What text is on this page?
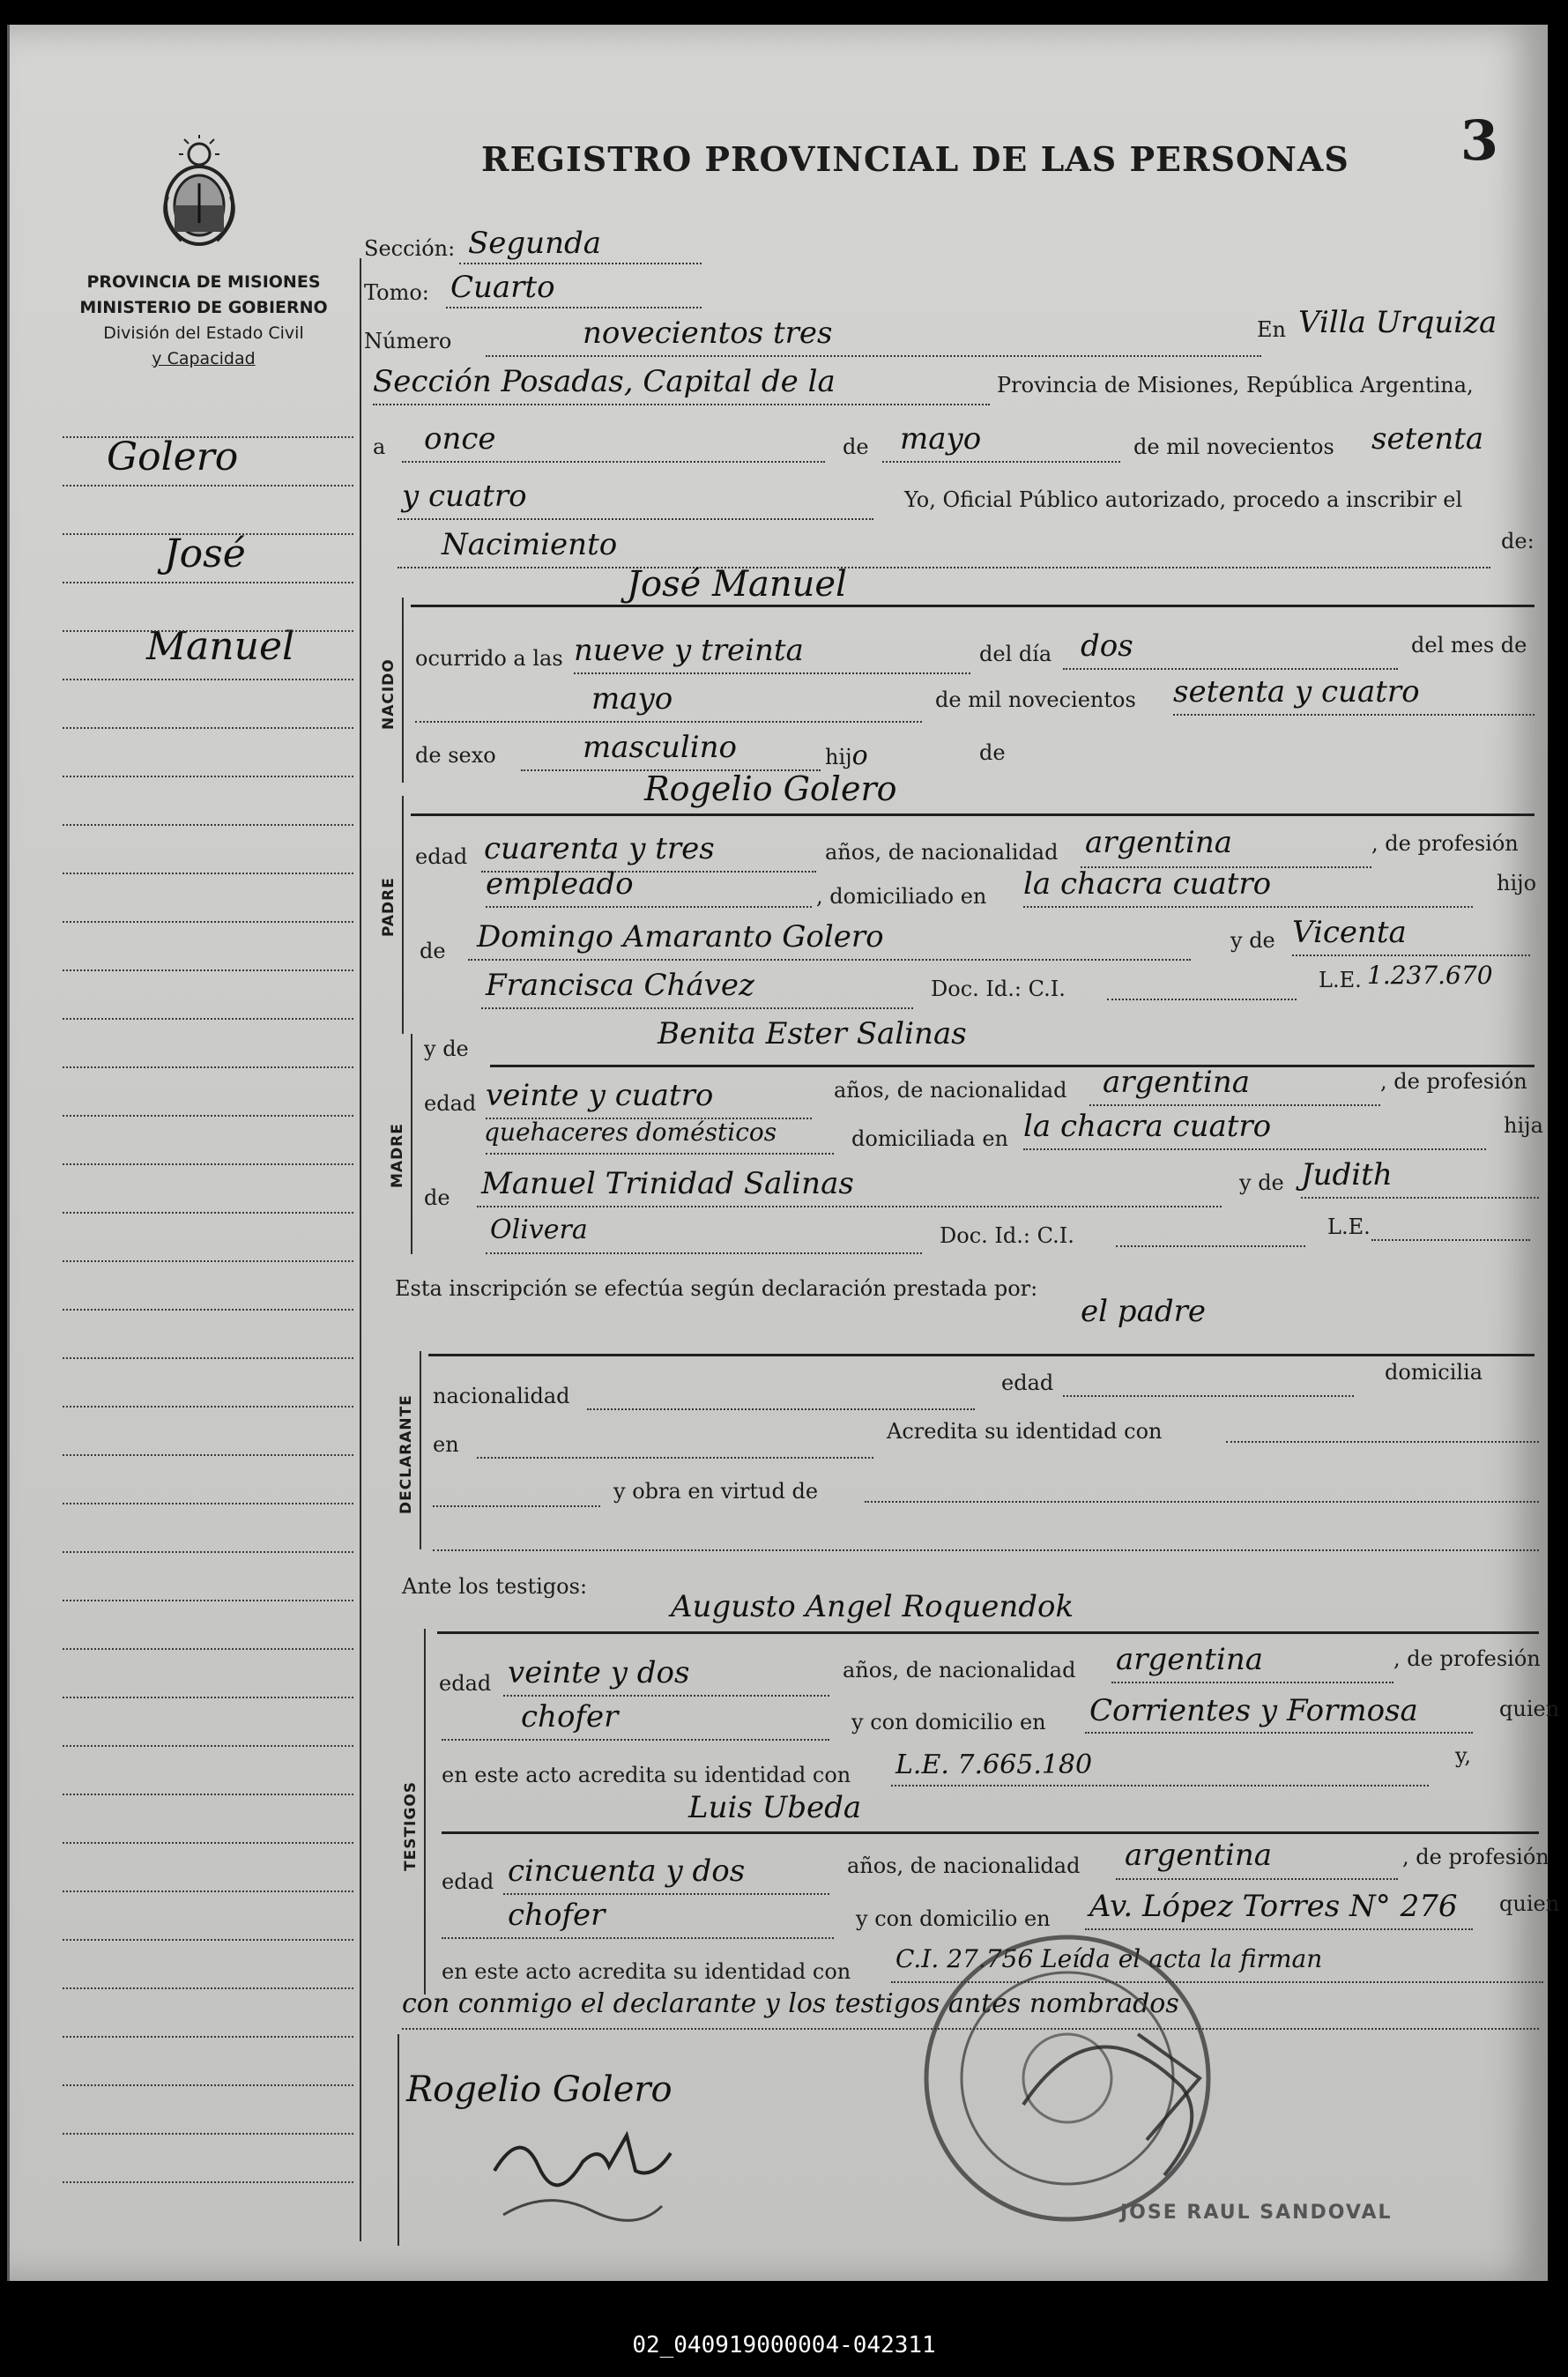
REGISTRO PROVINCIAL DE LAS PERSONAS 3
PROVINCIA DE MISIONES
MINISTERIO DE GOBIERNO
División del Estado Civil
y Capacidad
Golero
José
Manuel
Sección: Segunda
Tomo: Cuarto
Número	novecientos tres	En Villa Urquiza
Sección Posadas, Capital de la	Provincia de Misiones, República Argentina,
a once	de mayo	de mil novecientos setenta
y cuatro	Yo, Oficial Público autorizado, procedo a inscribir el
Nacimiento	de:
NACIDO
José Manuel
ocurrido a las nueve y treinta	del día dos	del mes de
mayo	de mil novecientos setenta y cuatro
de sexo	masculino	hijo	de
PADRE
Rogelio Golero
edad cuarenta y tres	años, de nacionalidad argentina	, de profesión
empleado	, domiciliado en la chacra cuatro	hijo
de Domingo Amaranto Golero	y de Vicenta
Francisca Chávez	Doc. Id.: C.I.	L.E. 1.237.670
MADRE
y de	Benita Ester Salinas
edad veinte y cuatro	años, de nacionalidad argentina	, de profesión
quehaceres domésticos	domiciliada en la chacra cuatro	hija
de Manuel Trinidad Salinas	y de Judith
Olivera	Doc. Id.: C.I.	L.E.
Esta inscripción se efectúa según declaración prestada por:
el padre
DECLARANTE nacionalidad
edad	domicilia
en
Acredita su identidad con
y obra en virtud de
Ante los testigos:
Augusto Angel Roquendok
TESTIGOS
edad veinte y dos	años, de nacionalidad argentina	, de profesión
chofer	y con domicilio en Corrientes y Formosa	quien
en este acto acredita su identidad con L.E. 7.665.180	y,
Luis Ubeda
edad cincuenta y dos	años, de nacionalidad argentina	, de profesión
chofer	y con domicilio en Av. López Torres N° 276 quien
en este acto acredita su identidad con C.I. 27.756 Leída el acta la firman
con conmigo el declarante y los testigos antes nombrados
Rogelio Golero
JOSE RAUL SANDOVAL
02_040919000004-042311
